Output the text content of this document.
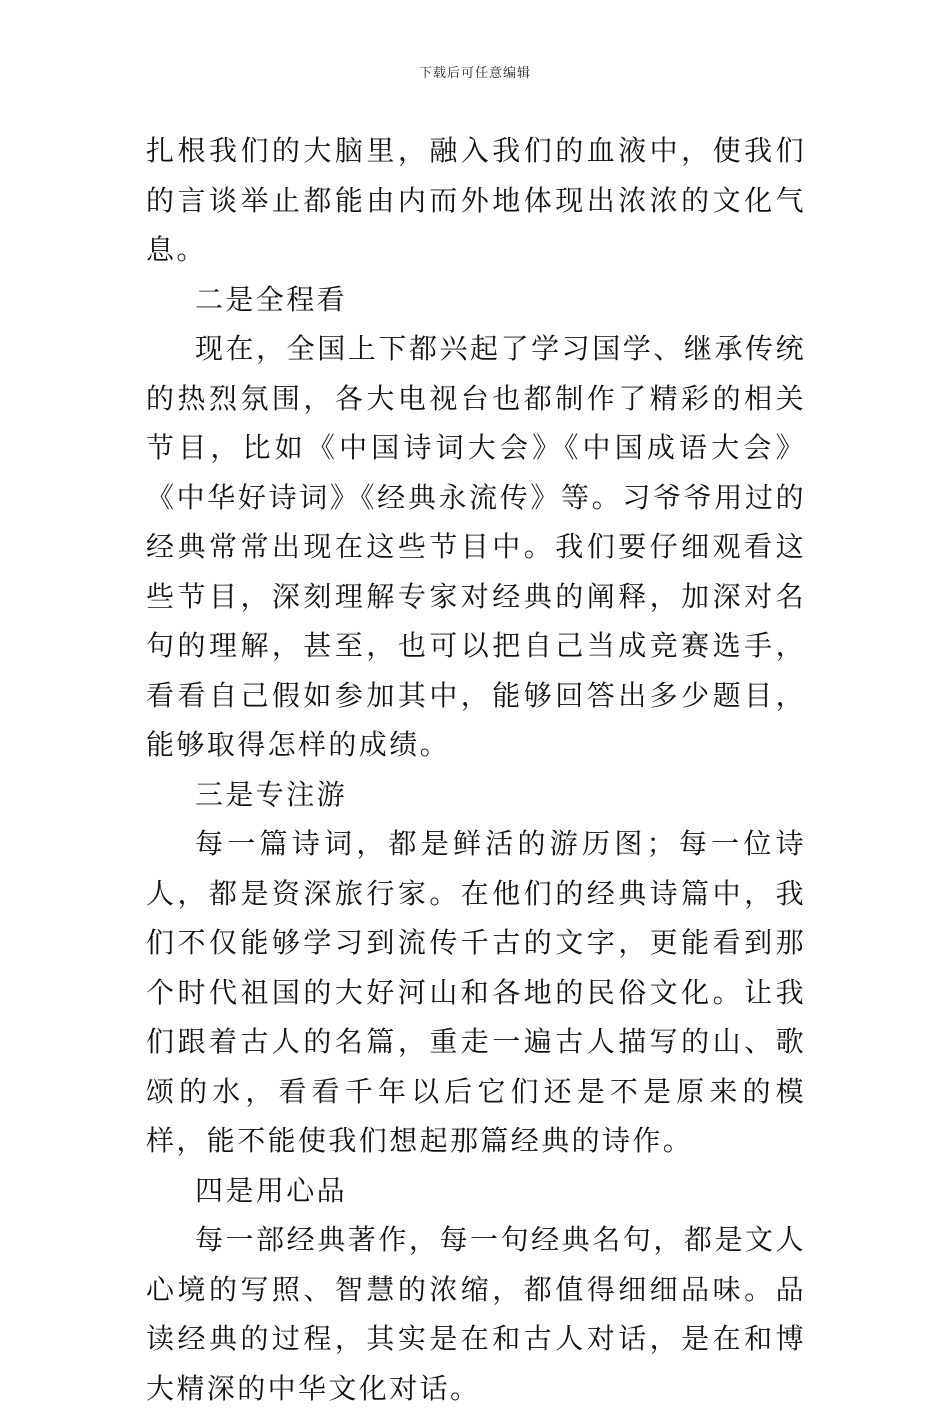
下载后可任意编辑

扎根我们的大脑里，融入我们的血液中，使我们的言谈举止都能由内而外地体现出浓浓的文化气息。

二是全程看

现在，全国上下都兴起了学习国学、继承传统的热烈氛围，各大电视台也都制作了精彩的相关节目，比如《中国诗词大会》《中国成语大会》《中华好诗词》《经典永流传》等。习爷爷用过的经典常常出现在这些节目中。我们要仔细观看这些节目，深刻理解专家对经典的阐释，加深对名句的理解，甚至，也可以把自己当成竞赛选手，看看自己假如参加其中，能够回答出多少题目，能够取得怎样的成绩。

三是专注游

每一篇诗词，都是鲜活的游历图；每一位诗人，都是资深旅行家。在他们的经典诗篇中，我们不仅能够学习到流传千古的文字，更能看到那个时代祖国的大好河山和各地的民俗文化。让我们跟着古人的名篇，重走一遍古人描写的山、歌颂的水，看看千年以后它们还是不是原来的模样，能不能使我们想起那篇经典的诗作。

四是用心品

每一部经典著作，每一句经典名句，都是文人心境的写照、智慧的浓缩，都值得细细品味。品读经典的过程，其实是在和古人对话，是在和博大精深的中华文化对话。
